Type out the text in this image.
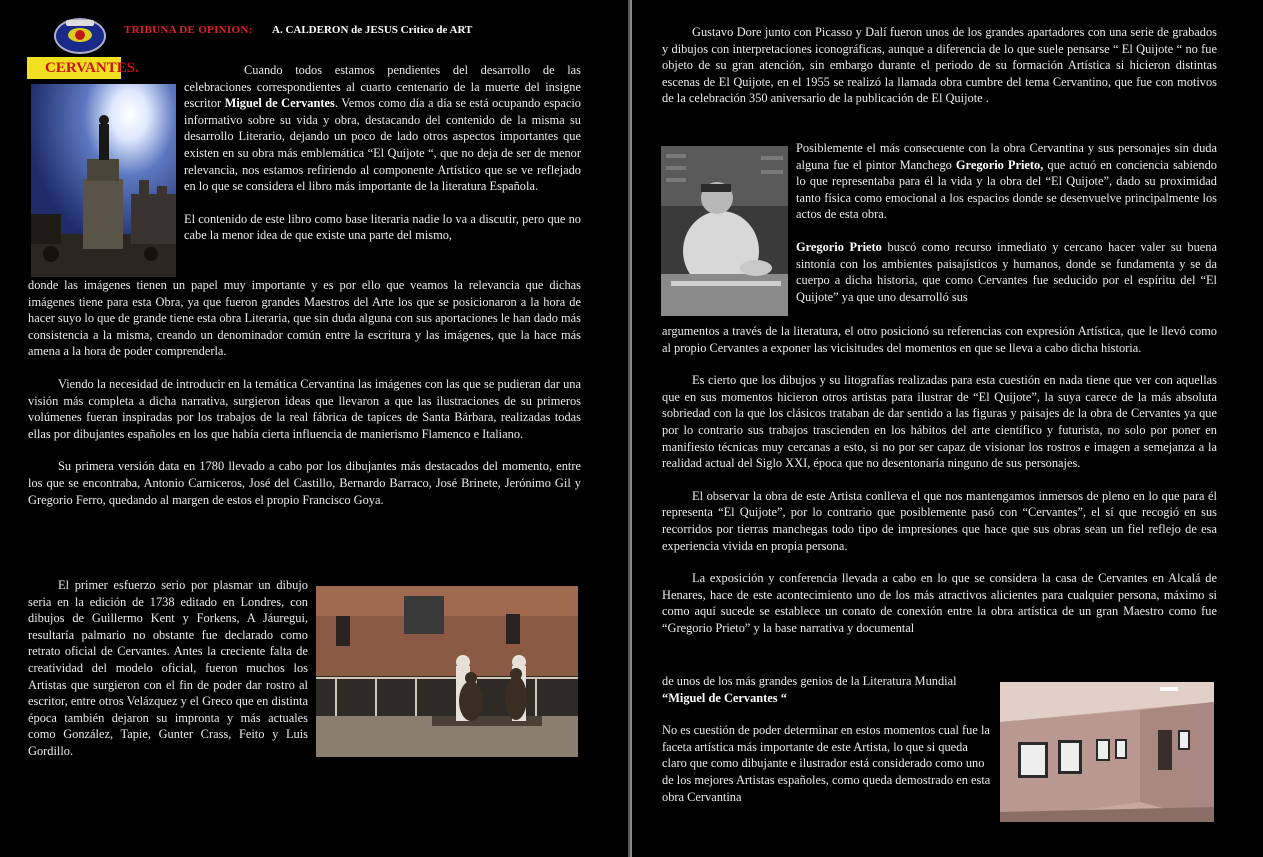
TRIBUNA DE OPINION: A. CALDERON de JESUS Critico de ART
CERVANTES.	Cuando todos estamos pendientes del desarrollo de las celebraciones correspondientes al cuarto centenario de la muerte del insigne escritor Miguel de Cervantes. Vemos como día a día se está ocupando espacio informativo sobre su vida y obra, destacando del contenido de la misma su desarrollo Literario, dejando un poco de lado otros aspectos importantes que existen en su obra más emblemática “El Quijote “, que no deja de ser de menor relevancia, nos estamos refiriendo al componente Artístico que se ve reflejado en lo que se considera el libro más importante de la literatura Española.

El contenido de este libro como base literaria nadie lo va a discutir, pero que no cabe la menor idea de que existe una parte del mismo,

donde las imágenes tienen un papel muy importante y es por ello que veamos la relevancia que dichas imágenes tiene para esta Obra, ya que fueron grandes Maestros del Arte los que se posicionaron a la hora de hacer suyo lo que de grande tiene esta obra Literaria, que sin duda alguna con sus aportaciones le han dado más consistencia a la misma, creando un denominador común entre la escritura y las imágenes, que la hace más amena a la hora de poder comprenderla.

Viendo la necesidad de introducir en la temática Cervantina las imágenes con las que se pudieran dar una visión más completa a dicha narrativa, surgieron ideas que llevaron a que las ilustraciones de su primeros volúmenes fueran inspiradas por los trabajos de la real fábrica de tapices de Santa Bárbara, realizadas todas ellas por dibujantes españoles en los que había cierta influencia de manierismo Flamenco e Italiano.

Su primera versión data en 1780 llevado a cabo por los dibujantes más destacados del momento, entre los que se encontraba, Antonio Carniceros, José del Castillo, Bernardo Barraco, José Brinete, Jerónimo Gil y Gregorio Ferro, quedando al margen de estos el propio Francisco Goya.

El primer esfuerzo serio por plasmar un dibujo seria en la edición de 1738 editado en Londres, con dibujos de Guillermo Kent y Forkens, A Jáuregui, resultaría palmario no obstante fue declarado como retrato oficial de Cervantes. Antes la creciente falta de creatividad del modelo oficial, fueron muchos los Artistas que surgieron con el fin de poder dar rostro al escritor, entre otros Velázquez y el Greco que en distinta época también dejaron su impronta y más actuales como González, Tapie, Gunter Crass, Feito y Luis Gordillo.

Gustavo Dore junto con Picasso y Dalí fueron unos de los grandes apartadores con una serie de grabados y dibujos con interpretaciones iconográficas, aunque a diferencia de lo que suele pensarse “ El Quijote “ no fue objeto de su gran atención, sin embargo durante el periodo de su formación Artística si hicieron distintas escenas de El Quijote, en el 1955 se realizó la llamada obra cumbre del tema Cervantino, que fue con motivos de la celebración 350 aniversario de la publicación de El Quijote .

Posiblemente el más consecuente con la obra Cervantina y sus personajes sin duda alguna fue el pintor Manchego Gregorio Prieto, que actuó en conciencia sabiendo lo que representaba para él la vida y la obra del “El Quijote”, dado su proximidad tanto física como emocional a los espacios donde se desenvuelve principalmente los actos de esta obra.

Gregorio Prieto buscó como recurso inmediato y cercano hacer valer su buena sintonía con los ambientes paisajísticos y humanos, donde se fundamenta y se da cuerpo a dicha historia, que como Cervantes fue seducido por el espíritu del “El Quijote” ya que uno desarrolló sus

argumentos a través de la literatura, el otro posicionó su referencias con expresión Artística, que le llevó como al propio Cervantes a exponer las vicisitudes del momentos en que se lleva a cabo dicha historia.

Es cierto que los dibujos y su litografías realizadas para esta cuestión en nada tiene que ver con aquellas que en sus momentos hicieron otros artistas para ilustrar de “El Quijote”, la suya carece de la más absoluta sobriedad con la que los clásicos trataban de dar sentido a las figuras y paisajes de la obra de Cervantes ya que por lo contrario sus trabajos trascienden en los hábitos del arte científico y futurista, no solo por poner en manifiesto técnicas muy cercanas a esto, si no por ser capaz de visionar los rostros e imagen a semejanza a la realidad actual del Siglo XXI, época que no desentonaría ninguno de sus personajes.

El observar la obra de este Artista conlleva el que nos mantengamos inmersos de pleno en lo que para él representa “El Quijote”, por lo contrario que posiblemente pasó con “Cervantes”, el sí que recogió en sus recorridos por tierras manchegas todo tipo de impresiones que hace que sus obras sean un fiel reflejo de esa experiencia vivida en propia persona.

La exposición y conferencia llevada a cabo en lo que se considera la casa de Cervantes en Alcalá de Henares, hace de este acontecimiento uno de los más atractivos alicientes para cualquier persona, máximo si como aquí sucede se establece un conato de conexión entre la obra artística de un gran Maestro como fue “Gregorio Prieto” y la base narrativa y documental

de unos de los más grandes genios de la Literatura Mundial “Miguel de Cervantes “

No es cuestión de poder determinar en estos momentos cual fue la faceta artística más importante de este Artista, lo que si queda claro que como dibujante e ilustrador está considerado como uno de los mejores Artistas españoles, como queda demostrado en esta obra Cervantina
